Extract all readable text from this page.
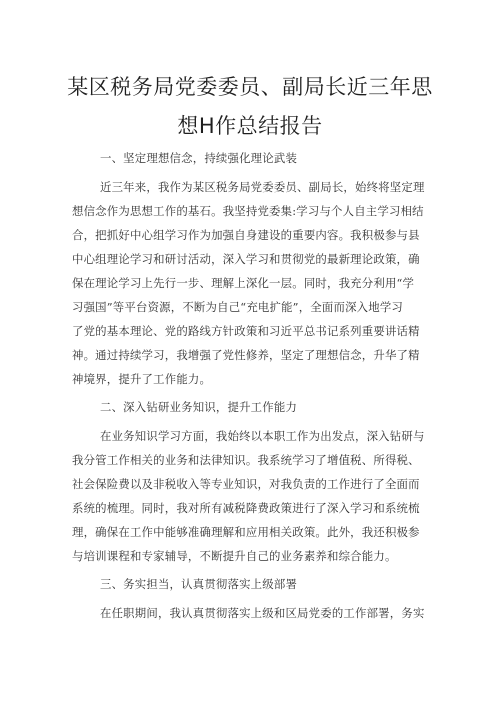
某区税务局党委委员、副局长近三年思
想H作总结报告
一、坚定理想信念，持续强化理论武装
近三年来，我作为某区税务局党委委员、副局长，始终将坚定理
想信念作为思想工作的基石。我坚持党委集:学习与个人自主学习相结
合，把抓好中心组学习作为加强自身建设的重要内容。我积极参与县
中心组理论学习和研讨活动，深入学习和贯彻党的最新理论政策，确
保在理论学习上先行一步、理解上深化一层。同时，我充分利用“学
习强国”等平台资源，不断为自己“充电扩能”，全面而深入地学习
了党的基本理论、党的路线方针政策和习近平总书记系列重要讲话精
神。通过持续学习，我增强了党性修养，坚定了理想信念，升华了精
神境界，提升了工作能力。
二、深入钻研业务知识，提升工作能力
在业务知识学习方面，我始终以本职工作为出发点，深入钻研与
我分管工作相关的业务和法律知识。我系统学习了增值税、所得税、
社会保险费以及非税收入等专业知识，对我负责的工作进行了全面而
系统的梳理。同时，我对所有减税降费政策进行了深入学习和系统梳
理，确保在工作中能够准确理解和应用相关政策。此外，我还积极参
与培训课程和专家辅导，不断提升自己的业务素养和综合能力。
三、务实担当，认真贯彻落实上级部署
在任职期间，我认真贯彻落实上级和区局党委的工作部署，务实
